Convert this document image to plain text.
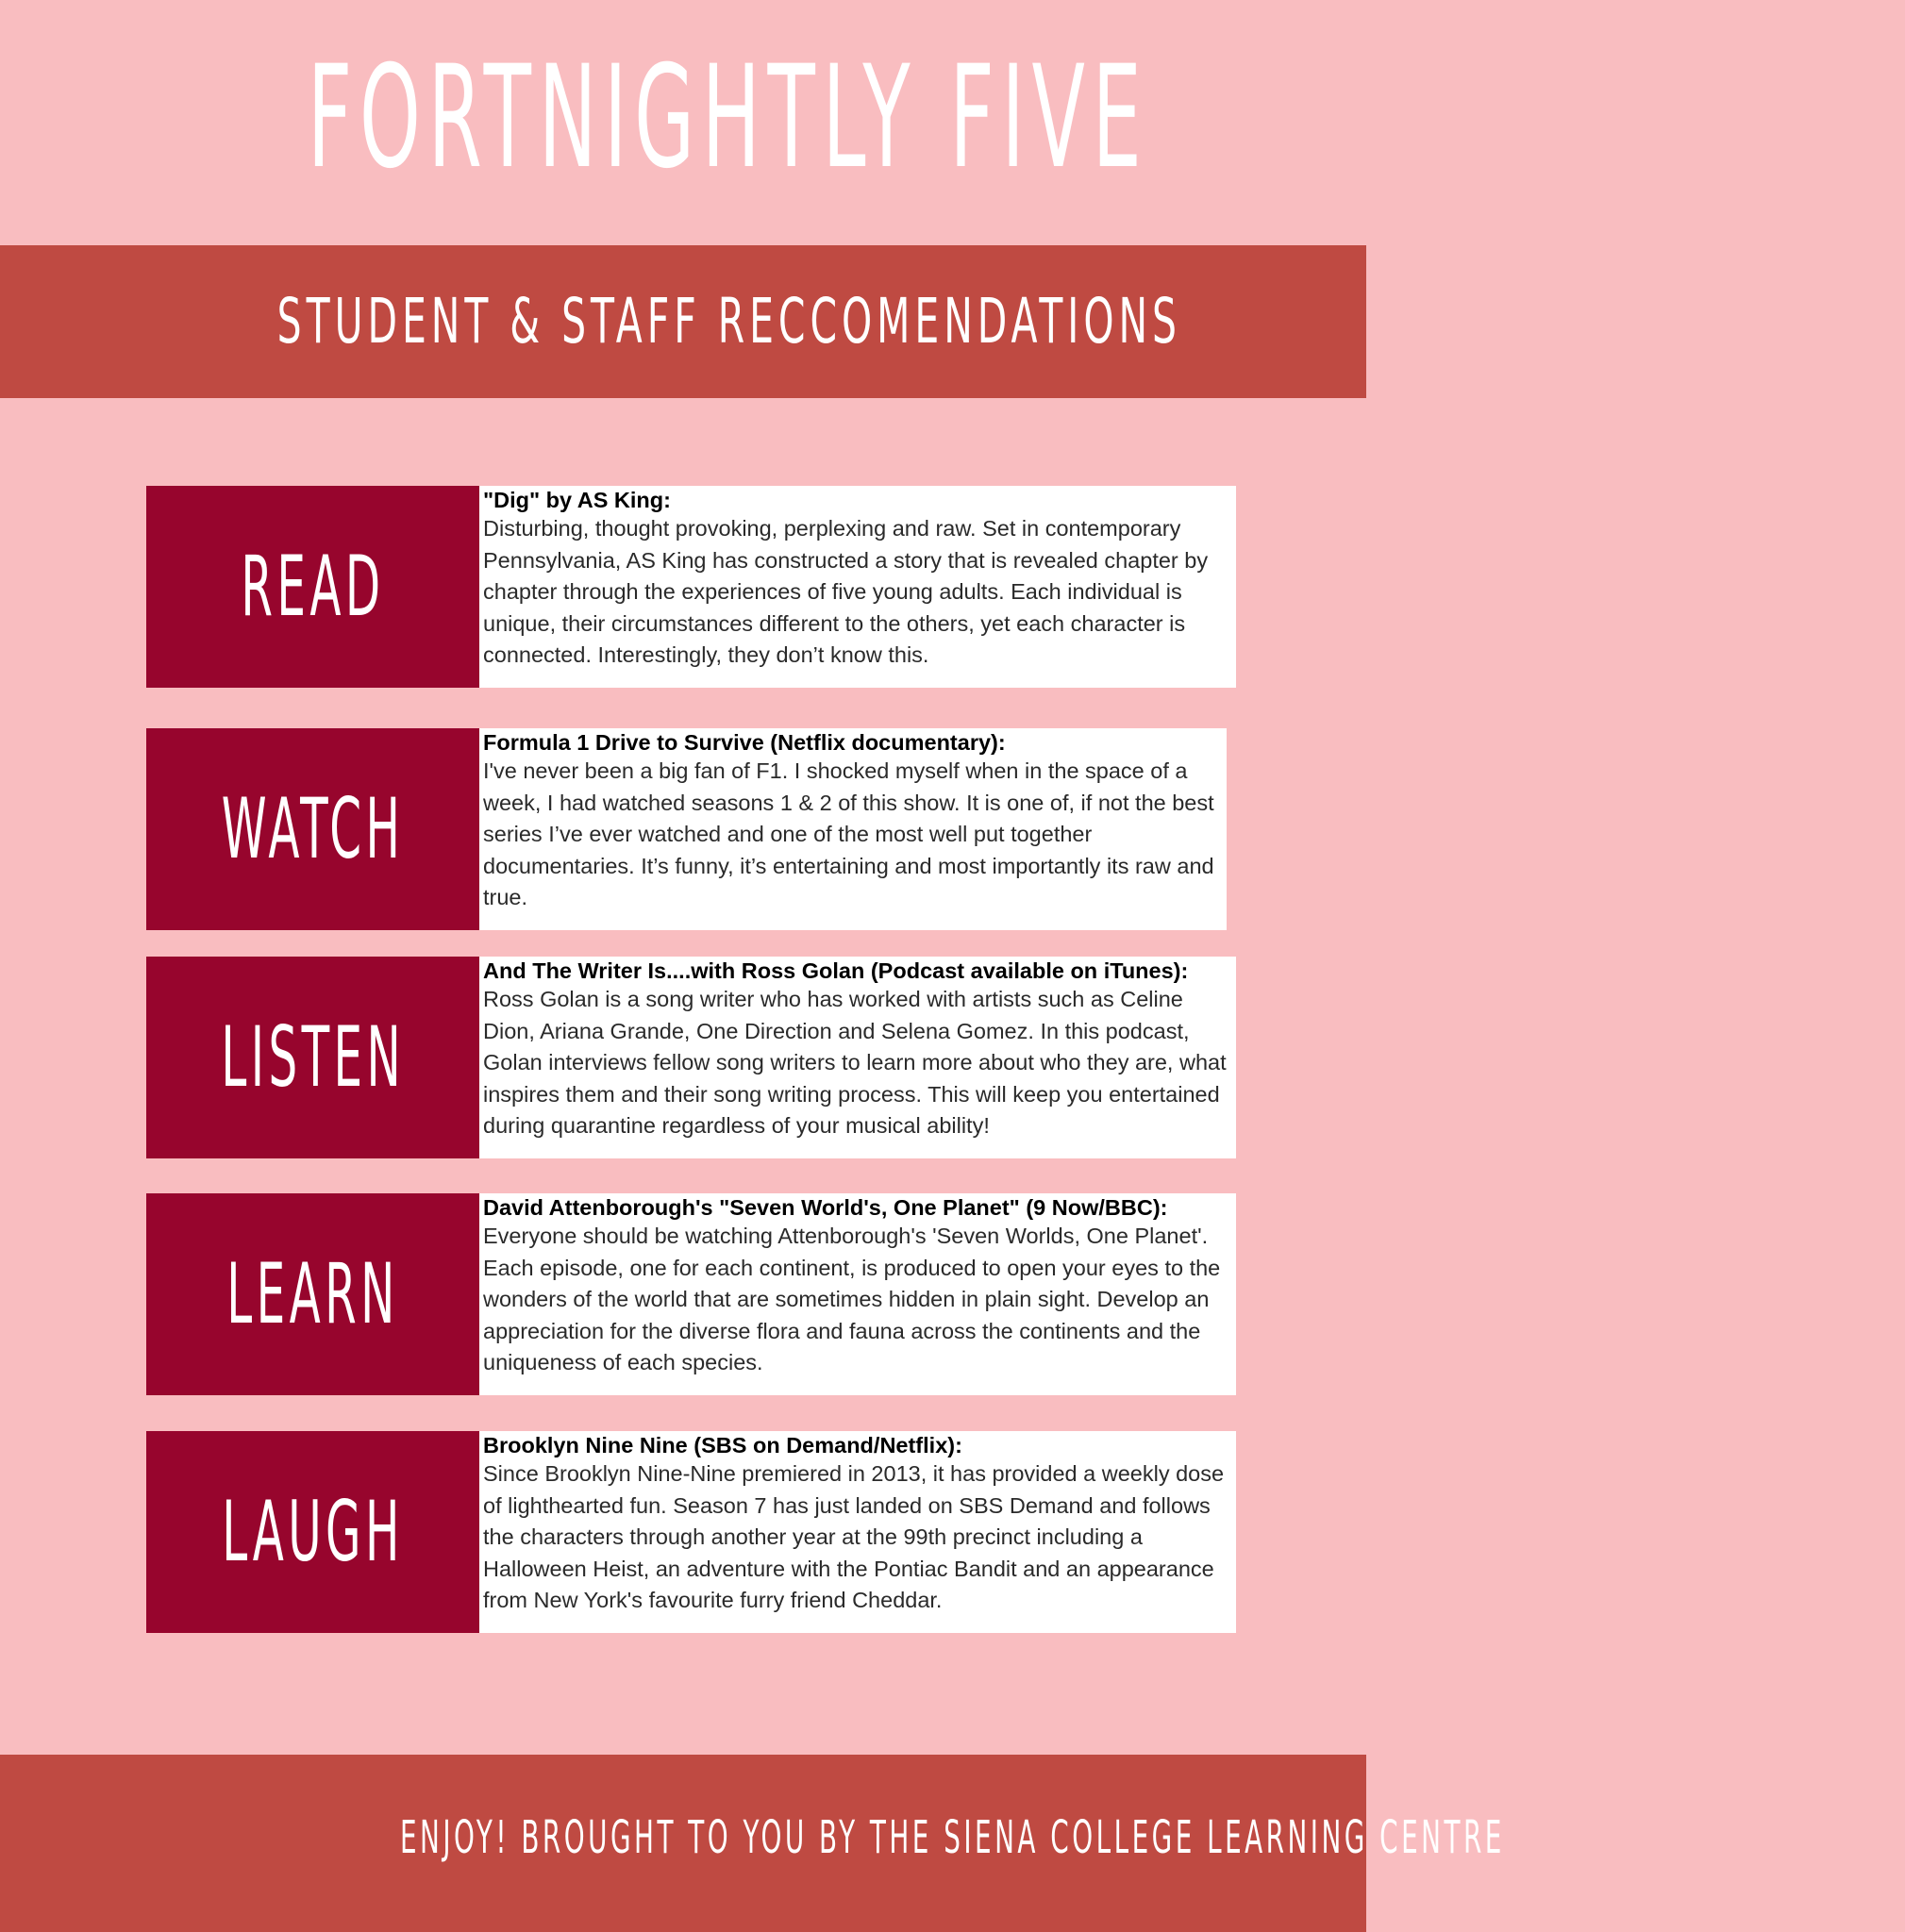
FORTNIGHTLY FIVE
STUDENT & STAFF RECCOMENDATIONS
READ
"Dig" by AS King:
Disturbing, thought provoking, perplexing and raw. Set in contemporary Pennsylvania, AS King has constructed a story that is revealed chapter by chapter through the experiences of five young adults. Each individual is unique, their circumstances different to the others, yet each character is connected. Interestingly, they don’t know this.
WATCH
Formula 1 Drive to Survive (Netflix documentary):
I've never been a big fan of F1. I shocked myself when in the space of a week, I had watched seasons 1 & 2 of this show. It is one of, if not the best series I’ve ever watched and one of the most well put together documentaries. It’s funny, it’s entertaining and most importantly its raw and true.
LISTEN
And The Writer Is....with Ross Golan (Podcast available on iTunes):
Ross Golan is a song writer who has worked with artists such as Celine Dion, Ariana Grande, One Direction and Selena Gomez. In this podcast, Golan interviews fellow song writers to learn more about who they are, what inspires them and their song writing process. This will keep you entertained during quarantine regardless of your musical ability!
LEARN
David Attenborough's "Seven World's, One Planet" (9 Now/BBC):
Everyone should be watching Attenborough's 'Seven Worlds, One Planet'. Each episode, one for each continent, is produced to open your eyes to the wonders of the world that are sometimes hidden in plain sight. Develop an appreciation for the diverse flora and fauna across the continents and the uniqueness of each species.
LAUGH
Brooklyn Nine Nine (SBS on Demand/Netflix):
Since Brooklyn Nine-Nine premiered in 2013, it has provided a weekly dose of lighthearted fun. Season 7 has just landed on SBS Demand and follows the characters through another year at the 99th precinct including a Halloween Heist, an adventure with the Pontiac Bandit and an appearance from New York's favourite furry friend Cheddar.
ENJOY! BROUGHT TO YOU BY THE SIENA COLLEGE LEARNING CENTRE
